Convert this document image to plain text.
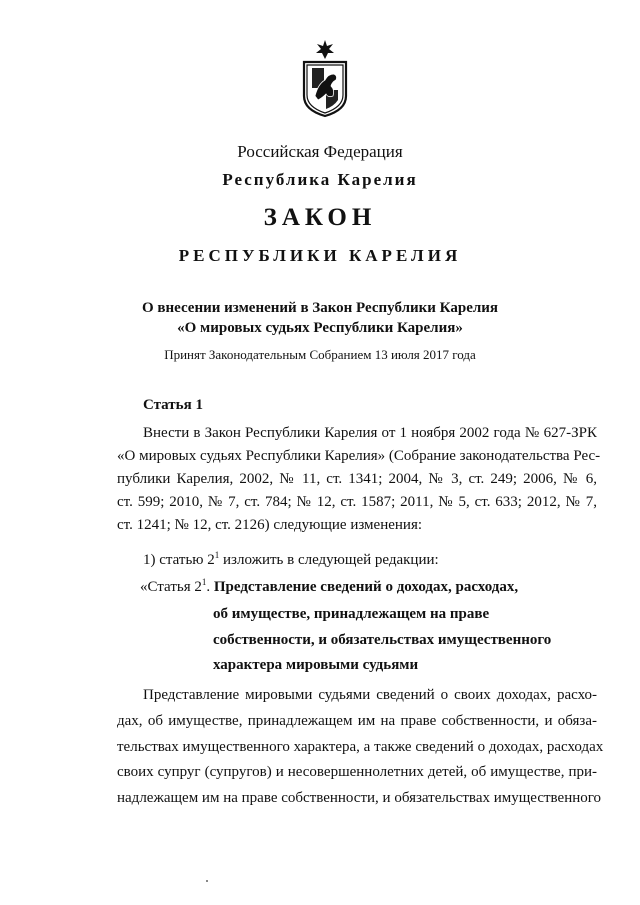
Российская Федерация
Республика Карелия
ЗАКОН
РЕСПУБЛИКИ КАРЕЛИЯ
О внесении изменений в Закон Республики Карелия
«О мировых судьях Республики Карелия»
Принят Законодательным Собранием 13 июля 2017 года
Статья 1
Внести в Закон Республики Карелия от 1 ноября 2002 года № 627-ЗРК
«О мировых судьях Республики Карелия» (Собрание законодательства Рес-
публики Карелия, 2002, № 11, ст. 1341; 2004, № 3, ст. 249; 2006, № 6,
ст. 599; 2010, № 7, ст. 784; № 12, ст. 1587; 2011, № 5, ст. 633; 2012, № 7,
ст. 1241; № 12, ст. 2126) следующие изменения:
1) статью $2^1$ изложить в следующей редакции:
«Статья $2^1$. Представление сведений о доходах, расходах,
об имуществе, принадлежащем на праве
собственности, и обязательствах имущественного
характера мировыми судьями
Представление мировыми судьями сведений о своих доходах, расхо-
дах, об имуществе, принадлежащем им на праве собственности, и обяза-
тельствах имущественного характера, а также сведений о доходах, расходах
своих супруг (супругов) и несовершеннолетних детей, об имуществе, при-
надлежащем им на праве собственности, и обязательствах имущественного
